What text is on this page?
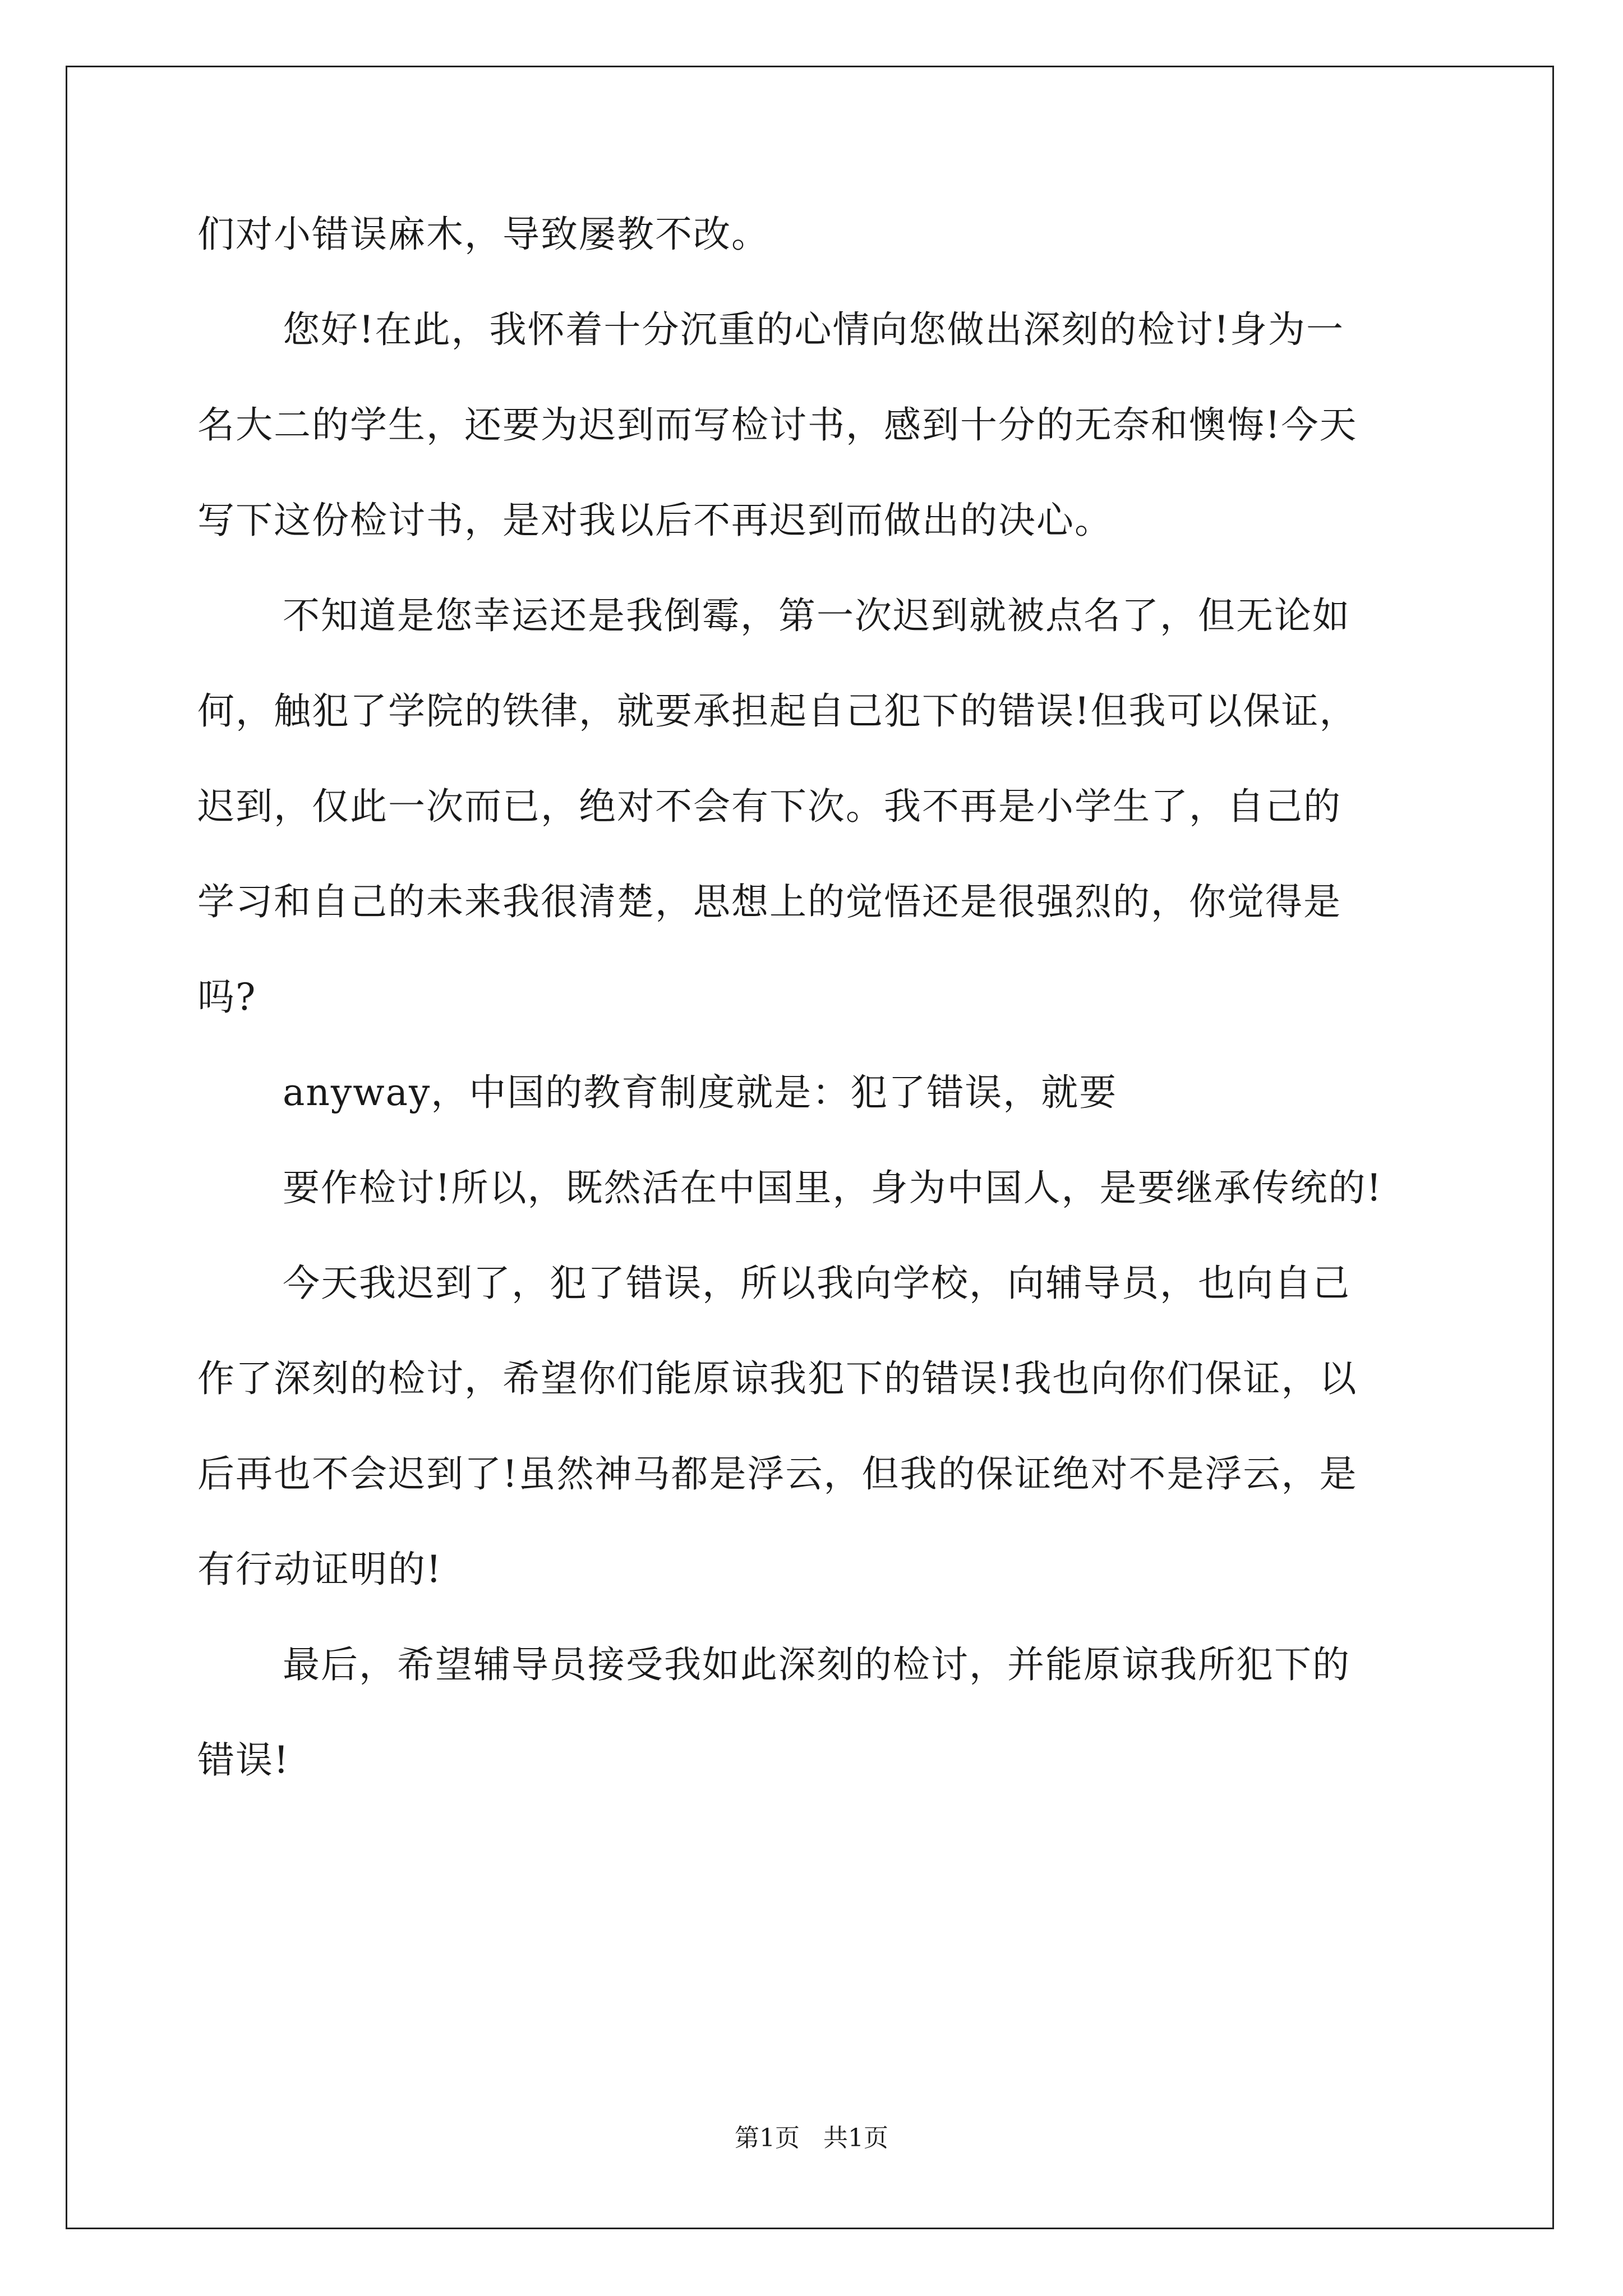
们对小错误麻木，导致屡教不改。
您好!在此，我怀着十分沉重的心情向您做出深刻的检讨!身为一
名大二的学生，还要为迟到而写检讨书，感到十分的无奈和懊悔!今天
写下这份检讨书，是对我以后不再迟到而做出的决心。
不知道是您幸运还是我倒霉，第一次迟到就被点名了，但无论如
何，触犯了学院的铁律，就要承担起自己犯下的错误!但我可以保证，
迟到，仅此一次而已，绝对不会有下次。我不再是小学生了，自己的
学习和自己的未来我很清楚，思想上的觉悟还是很强烈的，你觉得是
吗?
anyway，中国的教育制度就是：犯了错误，就要
要作检讨!所以，既然活在中国里，身为中国人，是要继承传统的!
今天我迟到了，犯了错误，所以我向学校，向辅导员，也向自己
作了深刻的检讨，希望你们能原谅我犯下的错误!我也向你们保证，以
后再也不会迟到了!虽然神马都是浮云，但我的保证绝对不是浮云，是
有行动证明的!
最后，希望辅导员接受我如此深刻的检讨，并能原谅我所犯下的
错误!
第1页   共1页
